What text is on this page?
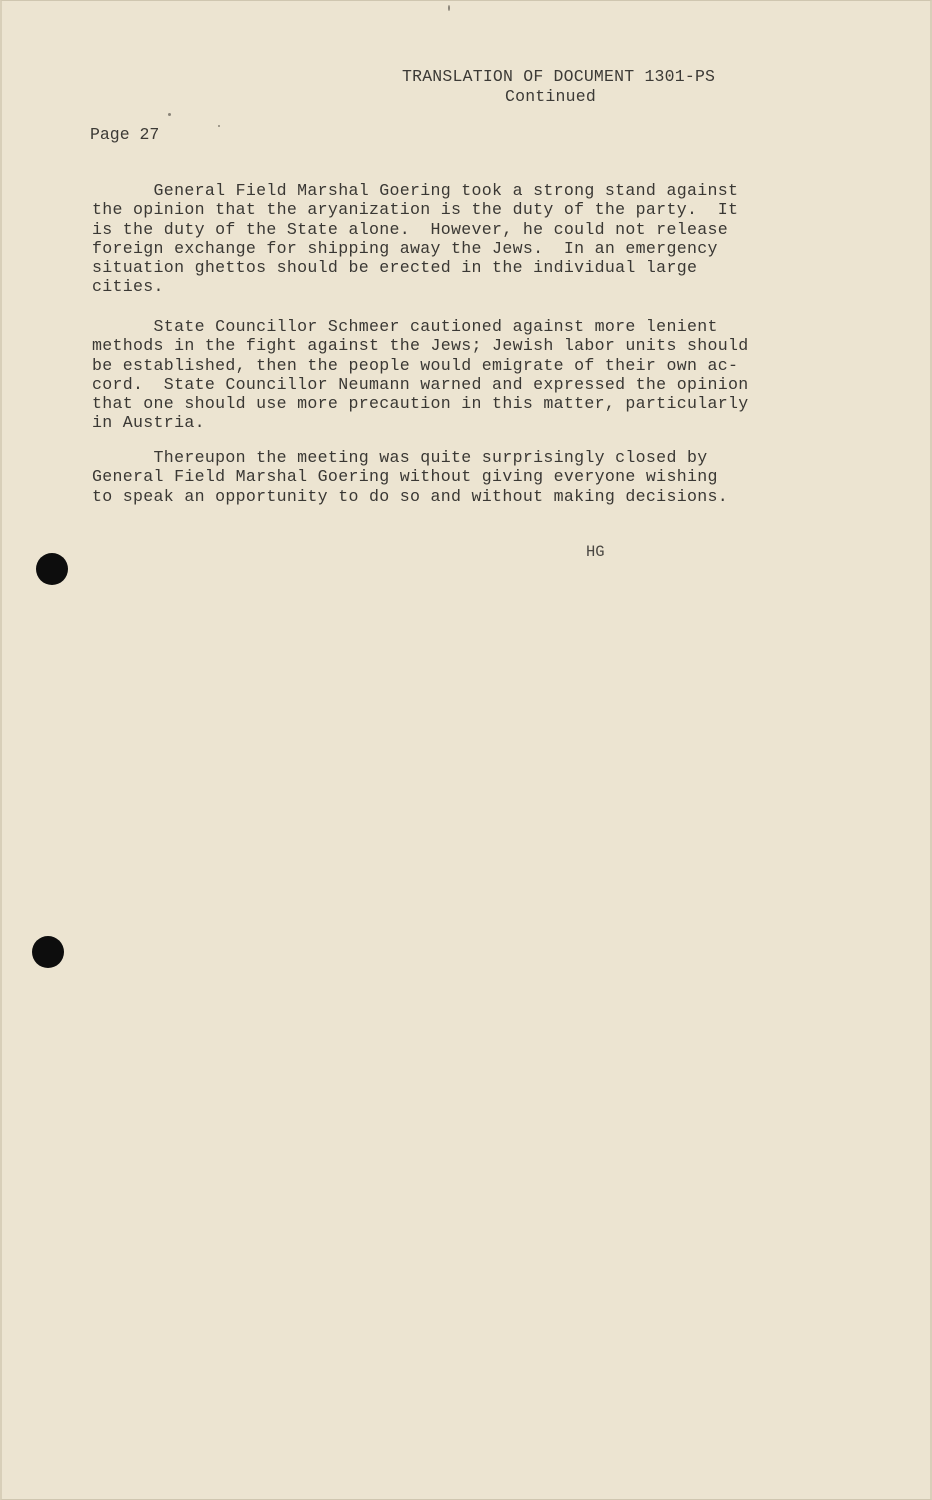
TRANSLATION OF DOCUMENT 1301-PS
Continued
Page 27
General Field Marshal Goering took a strong stand against
the opinion that the aryanization is the duty of the party.  It
is the duty of the State alone.  However, he could not release
foreign exchange for shipping away the Jews.  In an emergency
situation ghettos should be erected in the individual large
cities.
State Councillor Schmeer cautioned against more lenient
methods in the fight against the Jews; Jewish labor units should
be established, then the people would emigrate of their own ac-
cord.  State Councillor Neumann warned and expressed the opinion
that one should use more precaution in this matter, particularly
in Austria.
Thereupon the meeting was quite surprisingly closed by
General Field Marshal Goering without giving everyone wishing
to speak an opportunity to do so and without making decisions.
HG
